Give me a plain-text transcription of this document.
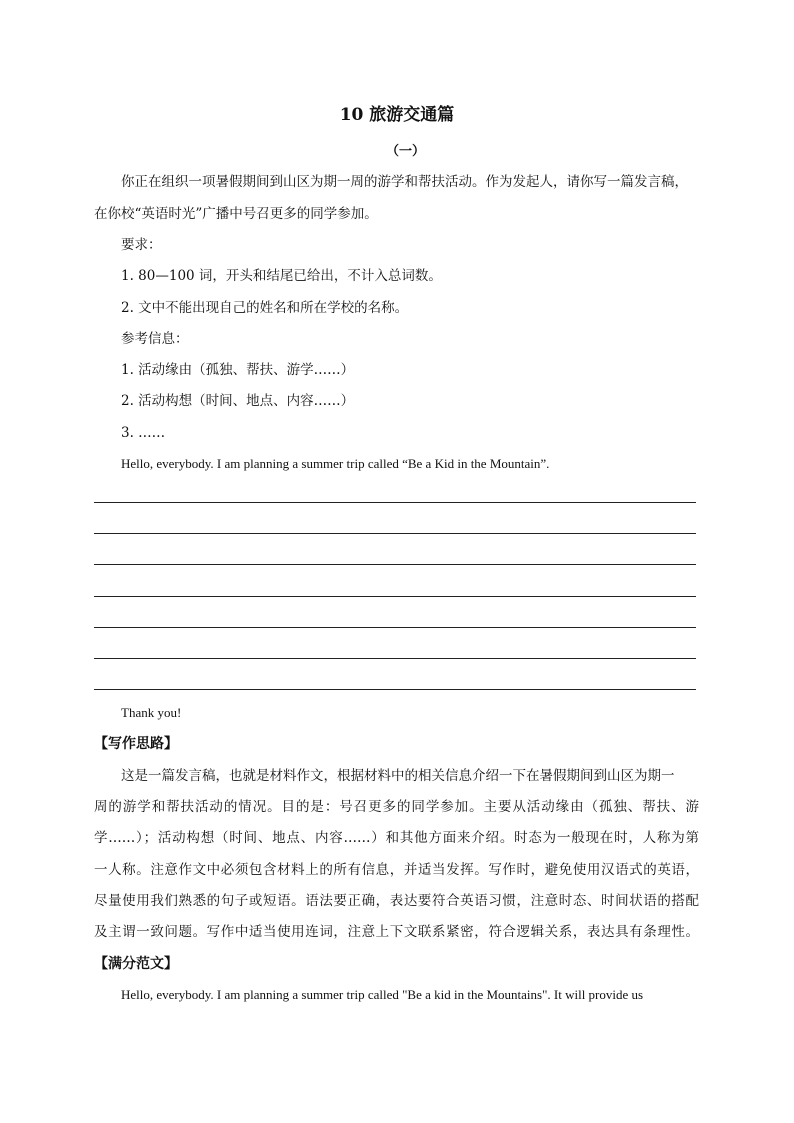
10 旅游交通篇
（一）
你正在组织一项暑假期间到山区为期一周的游学和帮扶活动。作为发起人，请你写一篇发言稿，
在你校“英语时光”广播中号召更多的同学参加。
要求：
1. 80—100 词，开头和结尾已给出，不计入总词数。
2. 文中不能出现自己的姓名和所在学校的名称。
参考信息：
1. 活动缘由（孤独、帮扶、游学……）
2. 活动构想（时间、地点、内容……）
3. ……
Hello, everybody. I am planning a summer trip called “Be a Kid in the Mountain”.
Thank you!
【写作思路】
这是一篇发言稿，也就是材料作文，根据材料中的相关信息介绍一下在暑假期间到山区为期一
周的游学和帮扶活动的情况。目的是：号召更多的同学参加。主要从活动缘由（孤独、帮扶、游
学……）；活动构想（时间、地点、内容……）和其他方面来介绍。时态为一般现在时，人称为第
一人称。注意作文中必须包含材料上的所有信息，并适当发挥。写作时，避免使用汉语式的英语，
尽量使用我们熟悉的句子或短语。语法要正确，表达要符合英语习惯，注意时态、时间状语的搭配
及主谓一致问题。写作中适当使用连词，注意上下文联系紧密，符合逻辑关系，表达具有条理性。
【满分范文】
Hello, everybody. I am planning a summer trip called "Be a kid in the Mountains". It will provide us
